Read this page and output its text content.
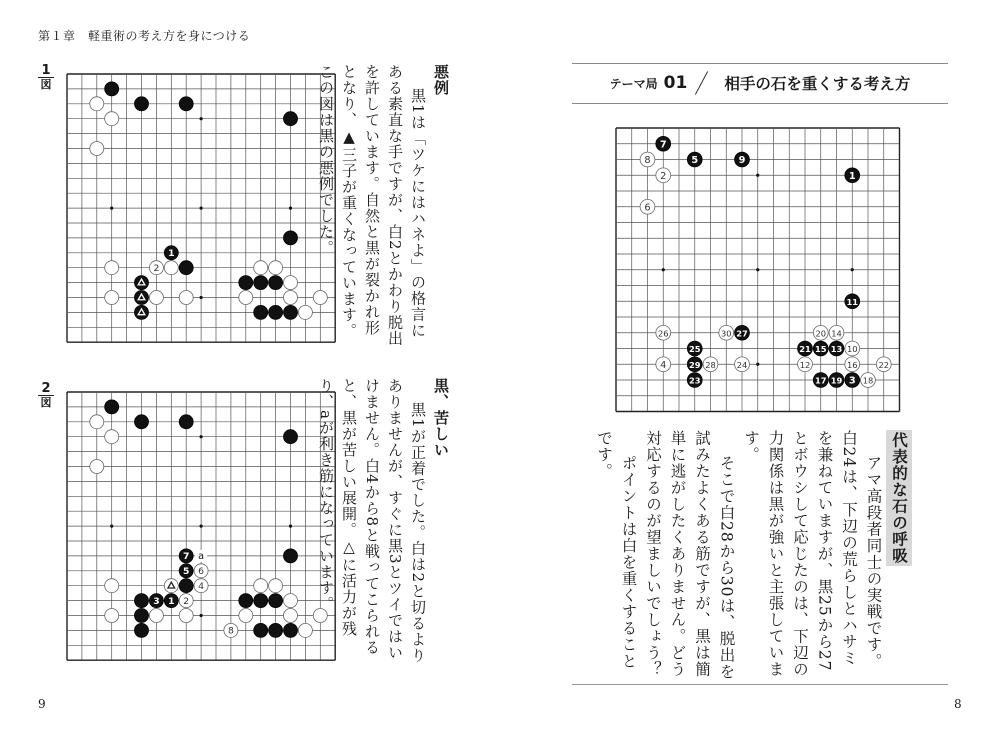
第１章　軽重術の考え方を身につける
1
図
2
1
悪例

黒1は「ツケにはハネよ」の格言にある素直な手ですが、白2とかわり脱出を許しています。自然と黒が裂かれ形となり、▲三子が重くなっています。この図は黒の悪例でした。

2
図
6
4
2
8
7
5
3 1
a
黒、苦しい

黒1が正着でした。白は2と切るよりありませんが、すぐに黒3とツイではいけません。白4から8と戦ってこられると、黒が苦しい展開。△に活力が残り、aが利き筋になっています。

9
テーマ局 01 相手の石を重くする考え方
8
2
6
26	30	20 14
10
4	28	24	12	16	22
18
7
5	9
1
11
27
25	21 15 13
29
23	17 19 3
代表的な石の呼吸

アマ高段者同士の実戦です。白24は、下辺の荒らしとハサミを兼ねていますが、黒25から27とボウシして応じたのは、下辺の力関係は黒が強いと主張しています。

そこで白28から30は、脱出を試みたよくある筋ですが、黒は簡単に逃がしたくありません。どう対応するのが望ましいでしょう？

ポイントは白を重くすることです。

8
